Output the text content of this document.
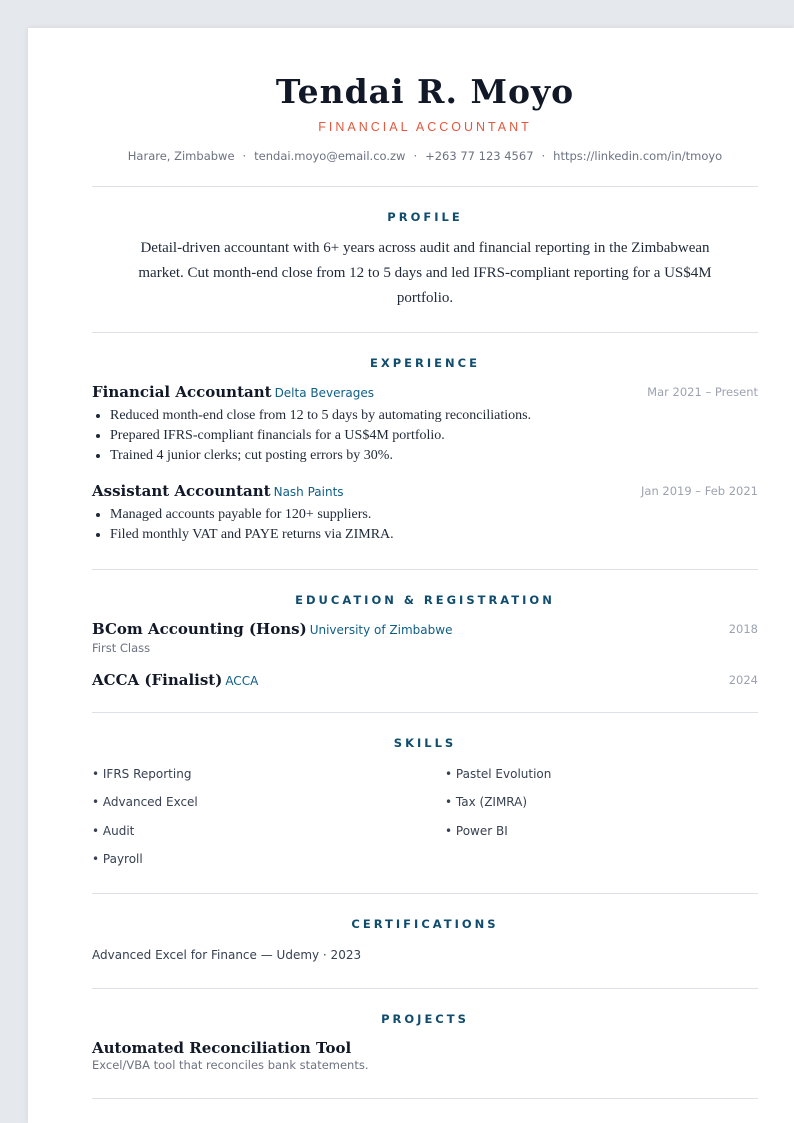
Tendai R. Moyo
FINANCIAL ACCOUNTANT
Harare, Zimbabwe · tendai.moyo@email.co.zw · +263 77 123 4567 · https://linkedin.com/in/tmoyo
PROFILE
Detail-driven accountant with 6+ years across audit and financial reporting in the Zimbabwean market. Cut month-end close from 12 to 5 days and led IFRS-compliant reporting for a US$4M portfolio.
EXPERIENCE
Financial Accountant Delta Beverages	Mar 2021 – Present
Reduced month-end close from 12 to 5 days by automating reconciliations.
Prepared IFRS-compliant financials for a US$4M portfolio.
Trained 4 junior clerks; cut posting errors by 30%.
Assistant Accountant Nash Paints	Jan 2019 – Feb 2021
Managed accounts payable for 120+ suppliers.
Filed monthly VAT and PAYE returns via ZIMRA.
EDUCATION & REGISTRATION
BCom Accounting (Hons) University of Zimbabwe	2018
First Class
ACCA (Finalist) ACCA	2024
SKILLS
• IFRS Reporting
• Advanced Excel
• Audit
• Payroll
• Pastel Evolution
• Tax (ZIMRA)
• Power BI
CERTIFICATIONS
Advanced Excel for Finance — Udemy · 2023
PROJECTS
Automated Reconciliation Tool
Excel/VBA tool that reconciles bank statements.
